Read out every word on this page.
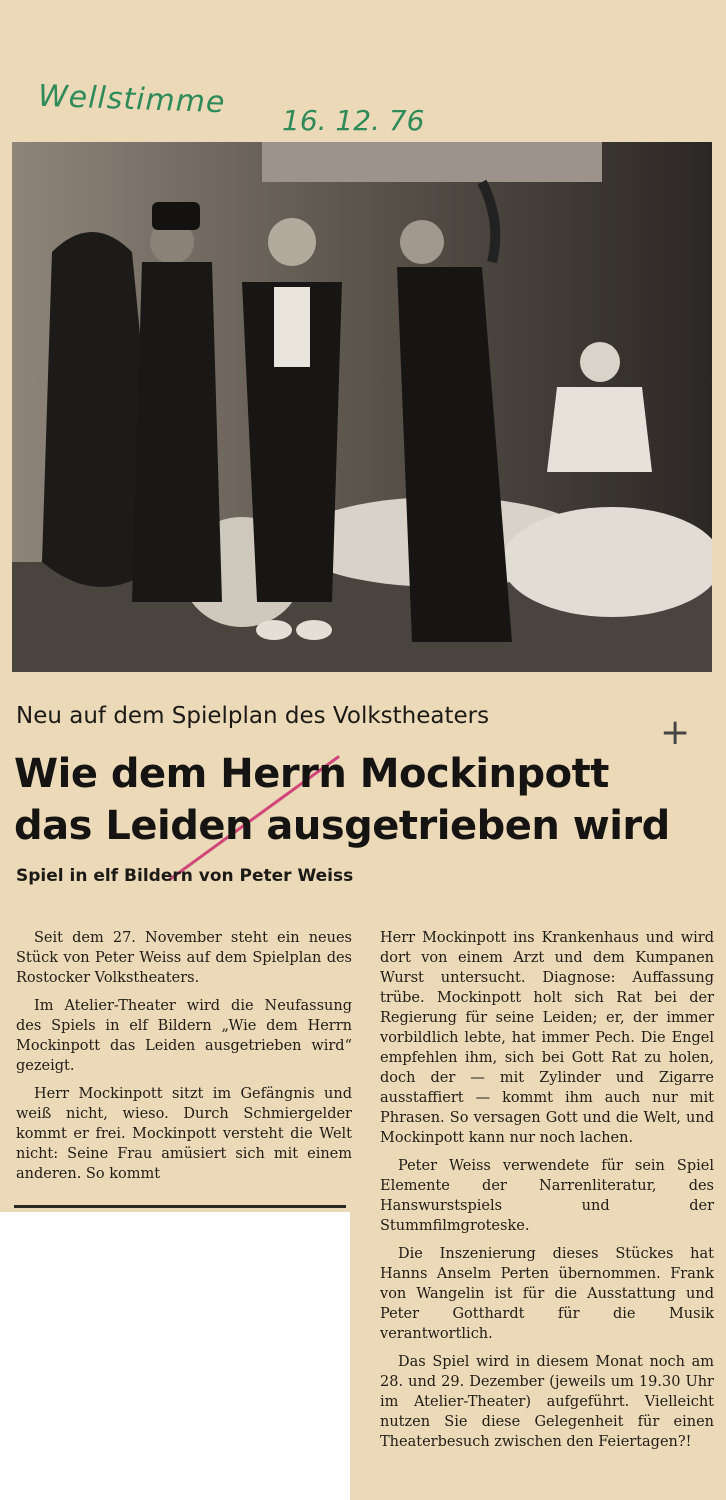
Wellstimme
16. 12. 76
Neu auf dem Spielplan des Volkstheaters	+
Wie dem Herrn Mockinpott
das Leiden ausgetrieben wird
Spiel in elf Bildern von Peter Weiss

Seit dem 27. November steht ein neues Stück von Peter Weiss auf dem Spielplan des Rostocker Volkstheaters.

Im Atelier-Theater wird die Neufassung des Spiels in elf Bildern „Wie dem Herrn Mockinpott das Leiden ausgetrieben wird“ gezeigt.

Herr Mockinpott sitzt im Gefängnis und weiß nicht, wieso. Durch Schmiergelder kommt er frei. Mockinpott versteht die Welt nicht: Seine Frau amüsiert sich mit einem anderen. So kommt

Herr Mockinpott ins Krankenhaus und wird dort von einem Arzt und dem Kumpanen Wurst untersucht. Diagnose: Auffassung trübe. Mockinpott holt sich Rat bei der Regierung für seine Leiden; er, der immer vorbildlich lebte, hat immer Pech. Die Engel empfehlen ihm, sich bei Gott Rat zu holen, doch der — mit Zylinder und Zigarre ausstaffiert — kommt ihm auch nur mit Phrasen. So versagen Gott und die Welt, und Mockinpott kann nur noch lachen.

Peter Weiss verwendete für sein Spiel Elemente der Narrenliteratur, des Hanswurstspiels und der Stummfilmgroteske.

Die Inszenierung dieses Stückes hat Hanns Anselm Perten übernommen. Frank von Wangelin ist für die Ausstattung und Peter Gotthardt für die Musik verantwortlich.

Das Spiel wird in diesem Monat noch am 28. und 29. Dezember (jeweils um 19.30 Uhr im Atelier-Theater) aufgeführt. Vielleicht nutzen Sie diese Gelegenheit für einen Theaterbesuch zwischen den Feiertagen?!
